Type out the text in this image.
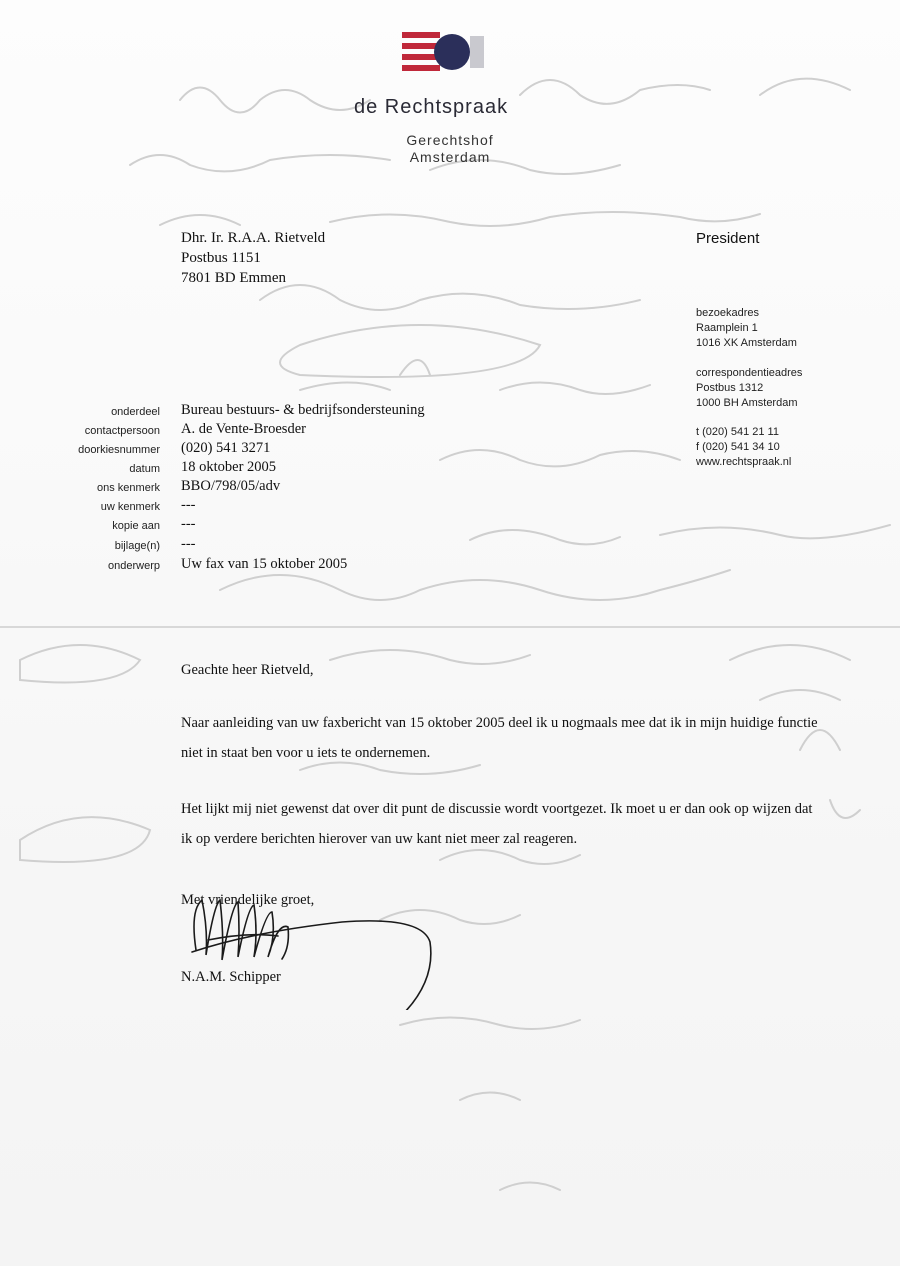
de Rechtspraak
Gerechtshof
Amsterdam
Dhr. Ir. R.A.A. Rietveld
Postbus 1151
7801 BD Emmen
President
bezoekadres
Raamplein 1
1016 XK Amsterdam
correspondentieadres
Postbus 1312
1000 BH Amsterdam
t (020) 541 21 11
f (020) 541 34 10
www.rechtspraak.nl
onderdeel Bureau bestuurs- & bedrijfsondersteuning
contactpersoon A. de Vente-Broesder
doorkiesnummer (020) 541 3271
datum 18 oktober 2005
ons kenmerk BBO/798/05/adv
uw kenmerk ---
kopie aan ---
bijlage(n) ---
onderwerp Uw fax van 15 oktober 2005
Geachte heer Rietveld,
Naar aanleiding van uw faxbericht van 15 oktober 2005 deel ik u nogmaals mee dat ik in mijn huidige functie niet in staat ben voor u iets te ondernemen.
Het lijkt mij niet gewenst dat over dit punt de discussie wordt voortgezet. Ik moet u er dan ook op wijzen dat ik op verdere berichten hierover van uw kant niet meer zal reageren.
Met vriendelijke groet,
N.A.M. Schipper
